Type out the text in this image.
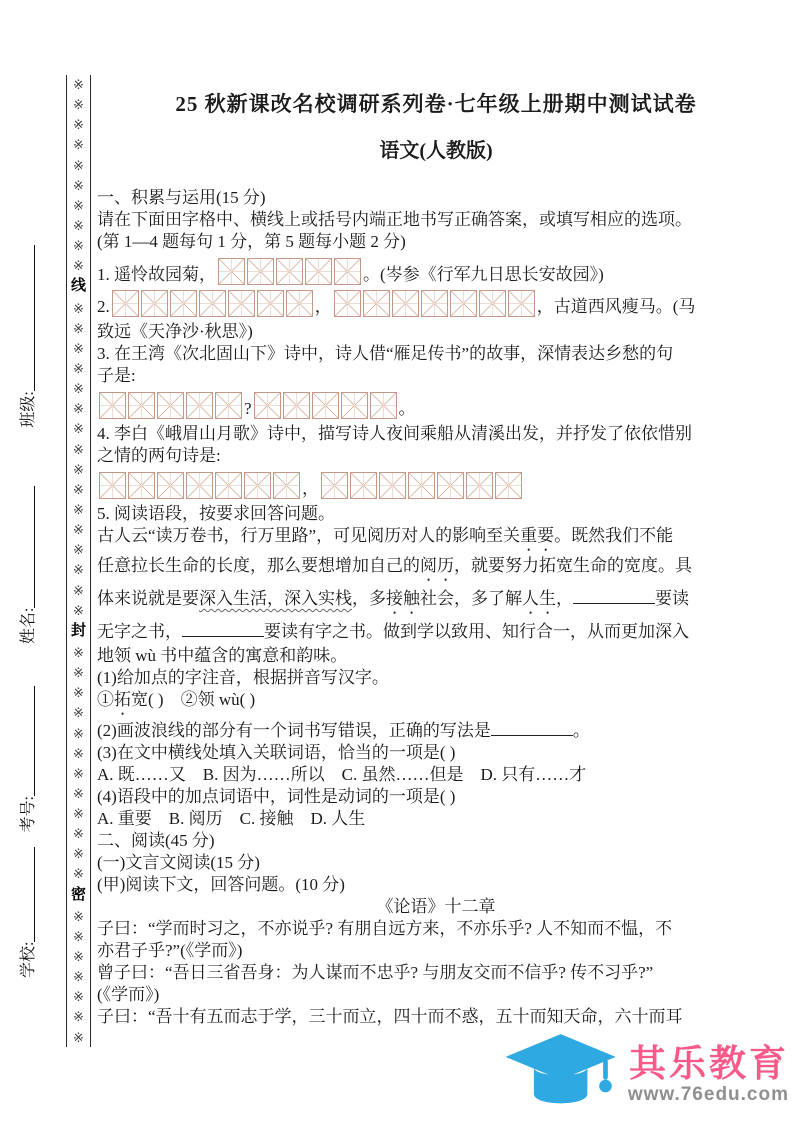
※
※
※
※
※
※
※
※
※
※
线
※
※
※
※
※
※
※
※
※
※
※
※
※
※
※
※
封
※
※
※
※
※
※
※
※
※
※
※
※
密
※
※
※
※
※
※
※
学校:
考号:
姓名:
班级:
25 秋新课改名校调研系列卷·七年级上册期中测试试卷
语文(人教版)
一、积累与运用(15 分)
请在下面田字格中、横线上或括号内端正地书写正确答案，或填写相应的选项。
(第 1—4 题每句 1 分，第 5 题每小题 2 分)
1. 遥怜故园菊，	。(岑参《行军九日思长安故园》)
2.	，	，古道西风瘦马。(马
致远《天净沙·秋思》)
3. 在王湾《次北固山下》诗中，诗人借“雁足传书”的故事，深情表达乡愁的句
子是:
?	。
4. 李白《峨眉山月歌》诗中，描写诗人夜间乘船从清溪出发，并抒发了依依惜别
之情的两句诗是:
，
5. 阅读语段，按要求回答问题。
古人云“读万卷书，行万里路”，可见阅历对人的影响至关重要。既然我们不能
任意拉长生命的长度，那么要想增加自己的阅历，就要努力拓宽生命的宽度。具
体来说就是要深入生活，深入实栈，多接触社会，多了解人生，	要读
无字之书，	要读有字之书。做到学以致用、知行合一，从而更加深入
地领 wù 书中蕴含的寓意和韵味。
(1)给加点的字注音，根据拼音写汉字。
①拓宽( )　②领 wù( )
(2)画波浪线的部分有一个词书写错误，正确的写法是	。
(3)在文中横线处填入关联词语，恰当的一项是( )
A. 既……又　B. 因为……所以　C. 虽然……但是　D. 只有……才
(4)语段中的加点词语中，词性是动词的一项是( )
A. 重要　B. 阅历　C. 接触　D. 人生
二、阅读(45 分)
(一)文言文阅读(15 分)
(甲)阅读下文，回答问题。(10 分)
《论语》十二章
子曰：“学而时习之，不亦说乎? 有朋自远方来，不亦乐乎? 人不知而不愠，不
亦君子乎?”(《学而》)
曾子曰：“吾日三省吾身：为人谋而不忠乎? 与朋友交而不信乎? 传不习乎?”
(《学而》)
子曰：“吾十有五而志于学，三十而立，四十而不惑，五十而知天命，六十而耳
其乐教育
www.76edu.com
